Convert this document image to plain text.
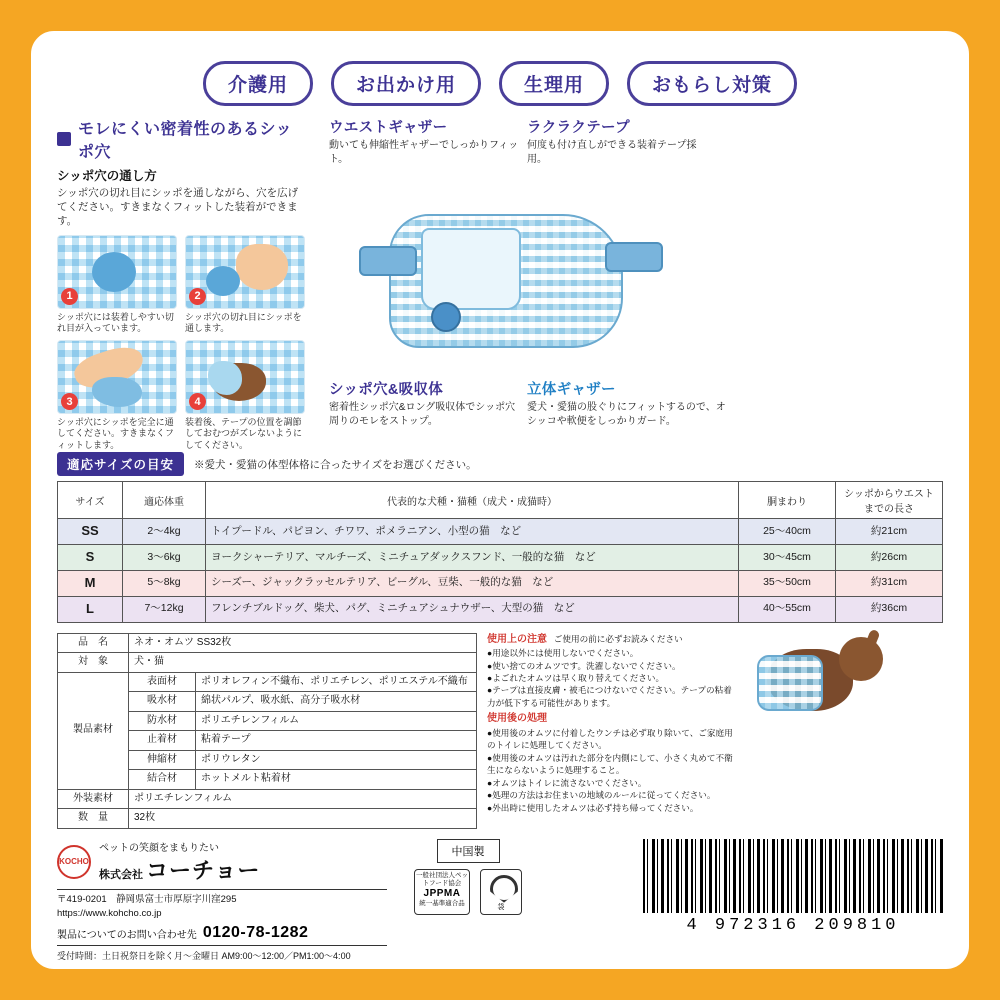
介護用	お出かけ用	生理用	おもらし対策
モレにくい密着性のあるシッポ穴
シッポ穴の通し方
シッポ穴の切れ目にシッポを通しながら、穴を広げてください。すきまなくフィットした装着ができます。
1
シッポ穴には装着しやすい切れ目が入っています。
2
シッポ穴の切れ目にシッポを通します。
3
シッポ穴にシッポを完全に通してください。すきまなくフィットします。
4
装着後、テープの位置を調節しておむつがズレないようにしてください。
ウエストギャザー
動いても伸縮性ギャザーでしっかりフィット。
ラクラクテープ
何度も付け直しができる装着テープ採用。
シッポ穴&吸収体
密着性シッポ穴&ロング吸収体でシッポ穴周りのモレをストップ。
立体ギャザー
愛犬・愛猫の股ぐりにフィットするので、オシッコや軟便をしっかりガード。
適応サイズの目安	※愛犬・愛猫の体型体格に合ったサイズをお選びください。
サイズ	適応体重	代表的な犬種・猫種（成犬・成猫時）	胴まわり	シッポからウエストまでの長さ
SS	2〜4kg	トイプードル、パピヨン、チワワ、ポメラニアン、小型の猫　など	25〜40cm	約21cm
S	3〜6kg	ヨークシャーテリア、マルチーズ、ミニチュアダックスフンド、一般的な猫　など	30〜45cm	約26cm
M	5〜8kg	シーズー、ジャックラッセルテリア、ビーグル、豆柴、一般的な猫　など	35〜50cm	約31cm
L	7〜12kg	フレンチブルドッグ、柴犬、パグ、ミニチュアシュナウザー、大型の猫　など	40〜55cm	約36cm
品　名	ネオ・オムツ SS32枚	
対　象	犬・猫	
製品素材	表面材	ポリオレフィン不織布、ポリエチレン、ポリエステル不織布
	吸水材	綿状パルプ、吸水紙、高分子吸水材
	防水材	ポリエチレンフィルム
	止着材	粘着テープ
	伸縮材	ポリウレタン
	結合材	ホットメルト粘着材
外装素材	ポリエチレンフィルム	
数　量	32枚	
使用上の注意 ご使用の前に必ずお読みください
●用途以外には使用しないでください。
●使い捨てのオムツです。洗濯しないでください。
●よごれたオムツは早く取り替えてください。
●テープは直接皮膚・被毛につけないでください。テープの粘着力が低下する可能性があります。
使用後の処理
●使用後のオムツに付着したウンチは必ず取り除いて、ご家庭用のトイレに処理してください。
●使用後のオムツは汚れた部分を内側にして、小さく丸めて不衛生にならないように処理すること。
●オムツはトイレに流さないでください。
●処理の方法はお住まいの地域のルールに従ってください。
●外出時に使用したオムツは必ず持ち帰ってください。
KOCHO
ペットの笑顔をまもりたい
株式会社 コーチョー
〒419-0201　静岡県富士市厚原字川窪295
https://www.kohcho.co.jp
製品についてのお問い合わせ先 0120-78-1282
受付時間：土日祝祭日を除く月〜金曜日 AM9:00〜12:00／PM1:00〜4:00
中国製
一般社団法人ペットフード協会
JPPMA
統一基準適合品	袋
4 972316 209810
